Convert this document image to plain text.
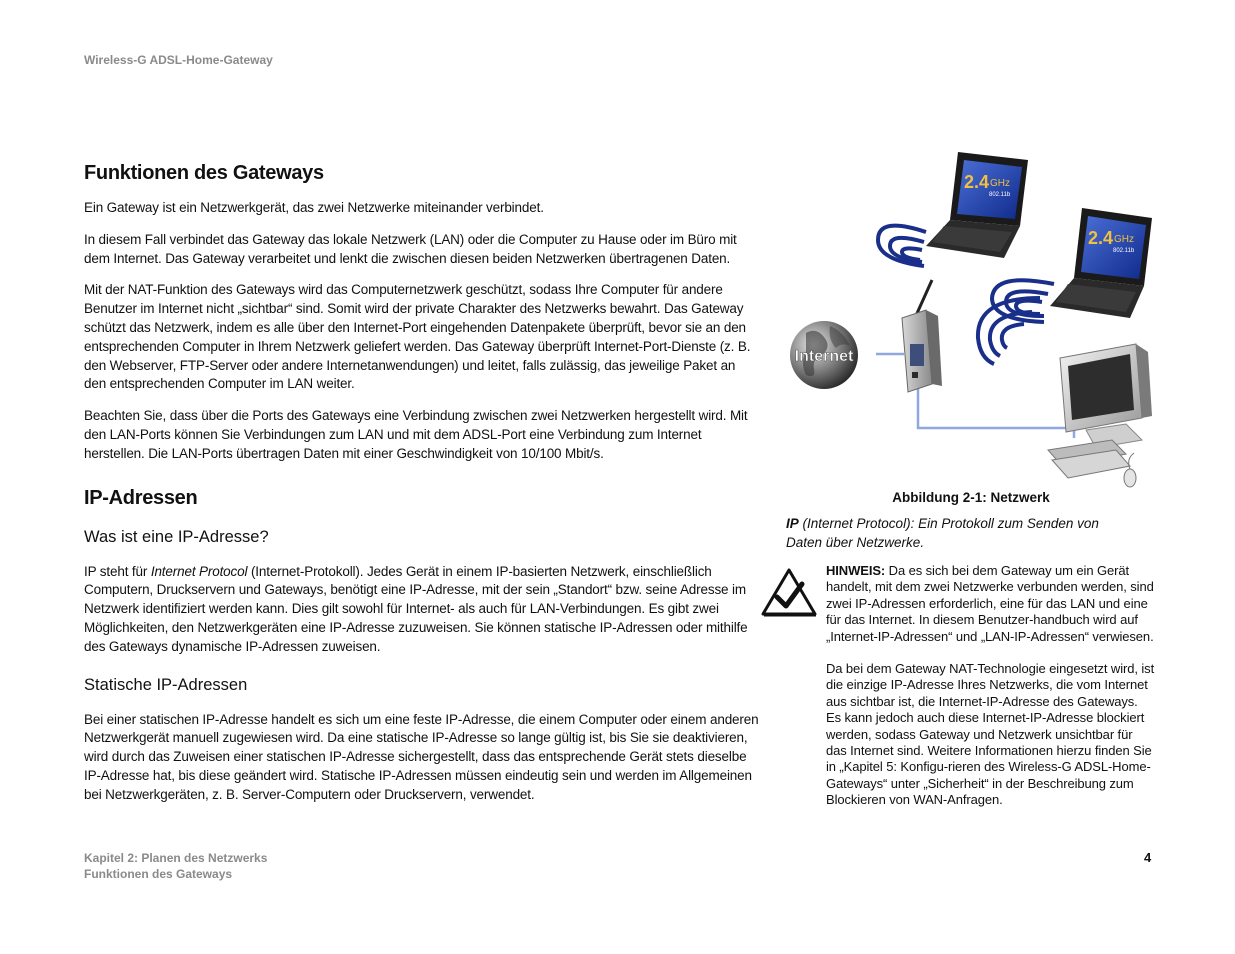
Wireless-G ADSL-Home-Gateway
Funktionen des Gateways

Ein Gateway ist ein Netzwerkgerät, das zwei Netzwerke miteinander verbindet.

In diesem Fall verbindet das Gateway das lokale Netzwerk (LAN) oder die Computer zu Hause oder im Büro mit dem Internet. Das Gateway verarbeitet und lenkt die zwischen diesen beiden Netzwerken übertragenen Daten.

Mit der NAT-Funktion des Gateways wird das Computernetzwerk geschützt, sodass Ihre Computer für andere Benutzer im Internet nicht „sichtbar“ sind. Somit wird der private Charakter des Netzwerks bewahrt. Das Gateway schützt das Netzwerk, indem es alle über den Internet-Port eingehenden Datenpakete überprüft, bevor sie an den entsprechenden Computer in Ihrem Netzwerk geliefert werden. Das Gateway überprüft Internet-Port-Dienste (z. B. den Webserver, FTP-Server oder andere Internetanwendungen) und leitet, falls zulässig, das jeweilige Paket an den entsprechenden Computer im LAN weiter.

Beachten Sie, dass über die Ports des Gateways eine Verbindung zwischen zwei Netzwerken hergestellt wird. Mit den LAN-Ports können Sie Verbindungen zum LAN und mit dem ADSL-Port eine Verbindung zum Internet herstellen. Die LAN-Ports übertragen Daten mit einer Geschwindigkeit von 10/100 Mbit/s.

IP-Adressen
Was ist eine IP-Adresse?

IP steht für Internet Protocol (Internet-Protokoll). Jedes Gerät in einem IP-basierten Netzwerk, einschließlich Computern, Druckservern und Gateways, benötigt eine IP-Adresse, mit der sein „Standort“ bzw. seine Adresse im Netzwerk identifiziert werden kann. Dies gilt sowohl für Internet- als auch für LAN-Verbindungen. Es gibt zwei Möglichkeiten, den Netzwerkgeräten eine IP-Adresse zuzuweisen. Sie können statische IP-Adressen oder mithilfe des Gateways dynamische IP-Adressen zuweisen.

Statische IP-Adressen

Bei einer statischen IP-Adresse handelt es sich um eine feste IP-Adresse, die einem Computer oder einem anderen Netzwerkgerät manuell zugewiesen wird. Da eine statische IP-Adresse so lange gültig ist, bis Sie sie deaktivieren, wird durch das Zuweisen einer statischen IP-Adresse sichergestellt, dass das entsprechende Gerät stets dieselbe IP-Adresse hat, bis diese geändert wird. Statische IP-Adressen müssen eindeutig sein und werden im Allgemeinen bei Netzwerkgeräten, z. B. Server-Computern oder Druckservern, verwendet.

Internet
2.4 GHz
802.11b
2.4 GHz
802.11b
Abbildung 2-1: Netzwerk
IP (Internet Protocol): Ein Protokoll zum Senden von Daten über Netzwerke.

HINWEIS: Da es sich bei dem Gateway um ein Gerät handelt, mit dem zwei Netzwerke verbunden werden, sind zwei IP-Adressen erforderlich, eine für das LAN und eine für das Internet. In diesem Benutzer-handbuch wird auf „Internet-IP-Adressen“ und „LAN-IP-Adressen“ verwiesen.

Da bei dem Gateway NAT-Technologie eingesetzt wird, ist die einzige IP-Adresse Ihres Netzwerks, die vom Internet aus sichtbar ist, die Internet-IP-Adresse des Gateways. Es kann jedoch auch diese Internet-IP-Adresse blockiert werden, sodass Gateway und Netzwerk unsichtbar für das Internet sind. Weitere Informationen hierzu finden Sie in „Kapitel 5: Konfigu-rieren des Wireless-G ADSL-Home-Gateways“ unter „Sicherheit“ in der Beschreibung zum Blockieren von WAN-Anfragen.

Kapitel 2: Planen des Netzwerks
Funktionen des Gateways
4
